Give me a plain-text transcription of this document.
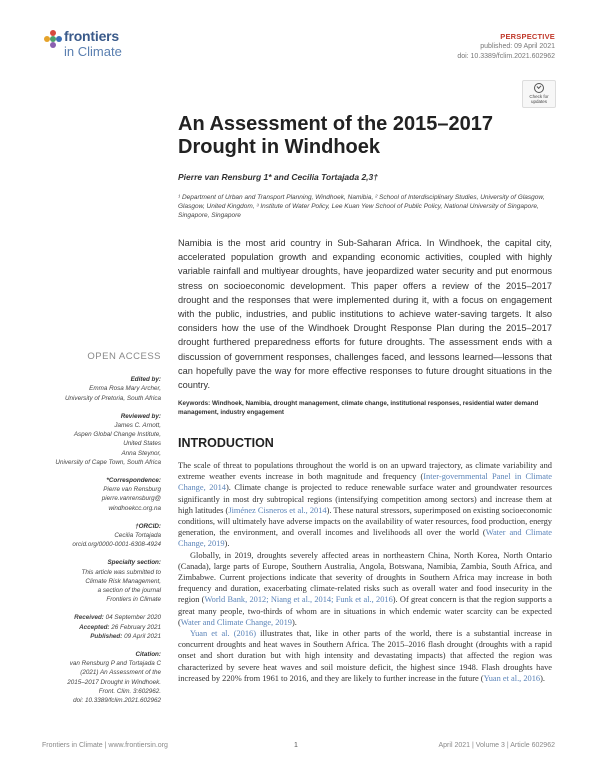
frontiers
in Climate
PERSPECTIVE
published: 09 April 2021
doi: 10.3389/fclim.2021.602962
Check for
updates
An Assessment of the 2015–2017 Drought in Windhoek
Pierre van Rensburg 1* and Cecilia Tortajada 2,3†
¹ Department of Urban and Transport Planning, Windhoek, Namibia, ² School of Interdisciplinary Studies, University of Glasgow, Glasgow, United Kingdom, ³ Institute of Water Policy, Lee Kuan Yew School of Public Policy, National University of Singapore, Singapore, Singapore
Namibia is the most arid country in Sub-Saharan Africa. In Windhoek, the capital city, accelerated population growth and expanding economic activities, coupled with highly variable rainfall and multiyear droughts, have jeopardized water security and put enormous stress on socioeconomic development. This paper offers a review of the 2015–2017 drought and the responses that were implemented during it, with a focus on engagement with the public, industries, and public institutions to achieve water-saving targets. It also considers how the use of the Windhoek Drought Response Plan during the 2015–2017 drought furthered preparedness efforts for future droughts. The assessment ends with a discussion of government responses, challenges faced, and lessons learned—lessons that can hopefully pave the way for more effective responses to future drought situations in the country.
Keywords: Windhoek, Namibia, drought management, climate change, institutional responses, residential water demand management, industry engagement
INTRODUCTION

The scale of threat to populations throughout the world is on an upward trajectory, as climate variability and extreme weather events increase in both magnitude and frequency (Inter-governmental Panel in Climate Change, 2014). Climate change is projected to reduce renewable surface water and groundwater resources significantly in most dry subtropical regions (intensifying competition among sectors) and increase them at high latitudes (Jiménez Cisneros et al., 2014). These natural stressors, superimposed on existing socioeconomic conditions, will ultimately have adverse impacts on the availability of water resources, food production, energy generation, the environment, and overall incomes and livelihoods all over the world (Water and Climate Change, 2019).

Globally, in 2019, droughts severely affected areas in northeastern China, North Korea, North Ontario (Canada), large parts of Europe, Southern Australia, Angola, Botswana, Namibia, Zambia, South Africa, and Zimbabwe. Current projections indicate that severity of droughts in Southern Africa may increase in both frequency and duration, exacerbating climate-related risks such as overall water and food insecurity in the region (World Bank, 2012; Niang et al., 2014; Funk et al., 2016). Of great concern is that the region supports a great many people, two-thirds of whom are in situations in which endemic water scarcity can be expected (Water and Climate Change, 2019).

Yuan et al. (2016) illustrates that, like in other parts of the world, there is a substantial increase in concurrent droughts and heat waves in Southern Africa. The 2015–2016 flash drought (droughts with a rapid onset and short duration but with high intensity and devastating impacts) that affected the region was characterized by severe heat waves and soil moisture deficit, the highest since 1948. Flash droughts have increased by 220% from 1961 to 2016, and they are likely to further increase in the future (Yuan et al., 2016).

OPEN ACCESS
Edited by:
Emma Rosa Mary Archer,
University of Pretoria, South Africa
Reviewed by:
James C. Arnott,
Aspen Global Change Institute,
United States
Anna Steynor,
University of Cape Town, South Africa
*Correspondence:
Pierre van Rensburg
pierre.vanrensburg@
windhoekcc.org.na
†ORCID:
Cecilia Tortajada
orcid.org/0000-0001-6308-4924
Specialty section:
This article was submitted to
Climate Risk Management,
a section of the journal
Frontiers in Climate
Received: 04 September 2020
Accepted: 26 February 2021
Published: 09 April 2021
Citation:
van Rensburg P and Tortajada C
(2021) An Assessment of the
2015–2017 Drought in Windhoek.
Front. Clim. 3:602962.
doi: 10.3389/fclim.2021.602962
Frontiers in Climate | www.frontiersin.org	1	April 2021 | Volume 3 | Article 602962
